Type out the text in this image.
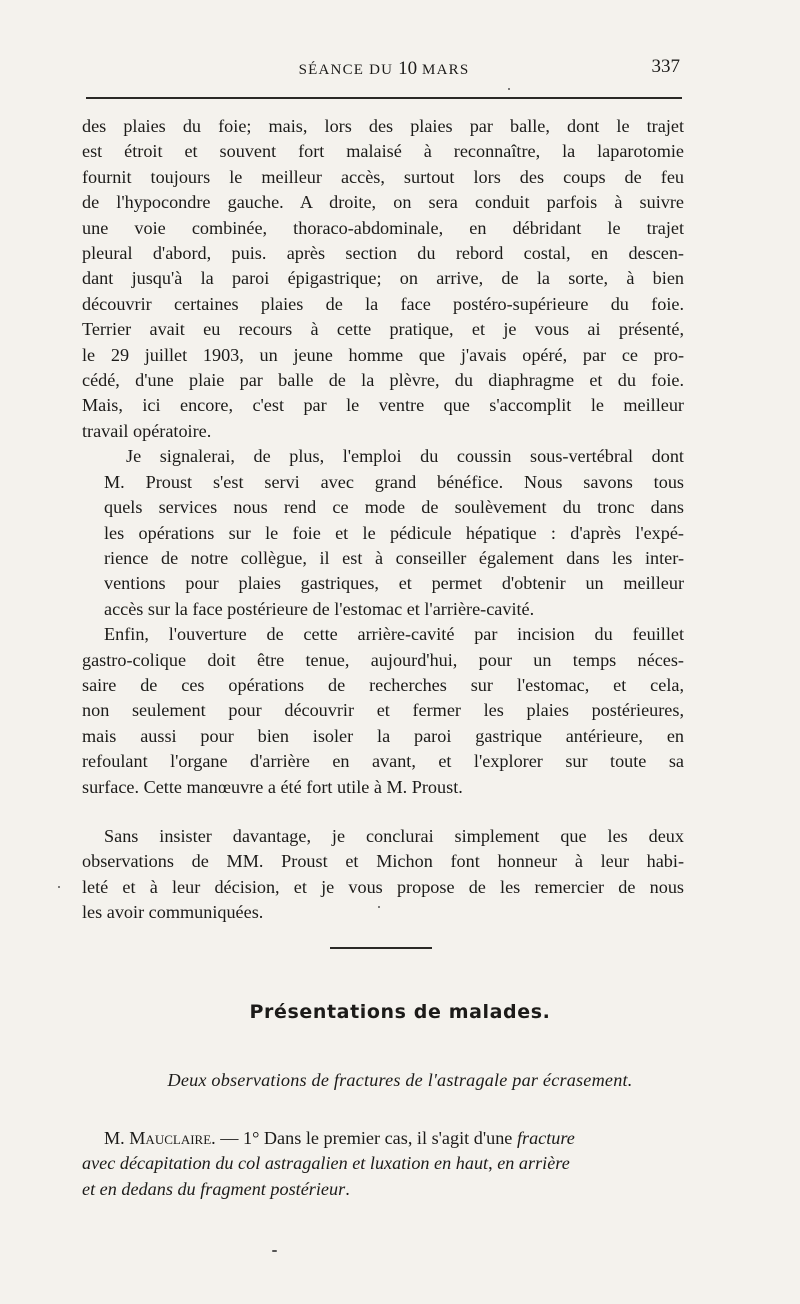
SÉANCE DU 10 MARS	337

des plaies du foie; mais, lors des plaies par balle, dont le trajet
est étroit et souvent fort malaisé à reconnaître, la laparotomie
fournit toujours le meilleur accès, surtout lors des coups de feu
de l'hypocondre gauche. A droite, on sera conduit parfois à suivre
une voie combinée, thoraco-abdominale, en débridant le trajet
pleural d'abord, puis. après section du rebord costal, en descen-
dant jusqu'à la paroi épigastrique; on arrive, de la sorte, à bien
découvrir certaines plaies de la face postéro-supérieure du foie.
Terrier avait eu recours à cette pratique, et je vous ai présenté,
le 29 juillet 1903, un jeune homme que j'avais opéré, par ce pro-
cédé, d'une plaie par balle de la plèvre, du diaphragme et du foie.
Mais, ici encore, c'est par le ventre que s'accomplit le meilleur
travail opératoire.

Je signalerai, de plus, l'emploi du coussin sous-vertébral dont
M. Proust s'est servi avec grand bénéfice. Nous savons tous
quels services nous rend ce mode de soulèvement du tronc dans
les opérations sur le foie et le pédicule hépatique : d'après l'expé-
rience de notre collègue, il est à conseiller également dans les inter-
ventions pour plaies gastriques, et permet d'obtenir un meilleur
accès sur la face postérieure de l'estomac et l'arrière-cavité.

Enfin, l'ouverture de cette arrière-cavité par incision du feuillet
gastro-colique doit être tenue, aujourd'hui, pour un temps néces-
saire de ces opérations de recherches sur l'estomac, et cela,
non seulement pour découvrir et fermer les plaies postérieures,
mais aussi pour bien isoler la paroi gastrique antérieure, en
refoulant l'organe d'arrière en avant, et l'explorer sur toute sa
surface. Cette manœuvre a été fort utile à M. Proust.

Sans insister davantage, je conclurai simplement que les deux
observations de MM. Proust et Michon font honneur à leur habi-
leté et à leur décision, et je vous propose de les remercier de nous
les avoir communiquées.

Présentations de malades.
Deux observations de fractures de l'astragale par écrasement.
M. Mauclaire. — 1° Dans le premier cas, il s'agit d'une fracture
avec décapitation du col astragalien et luxation en haut, en arrière
et en dedans du fragment postérieur.
